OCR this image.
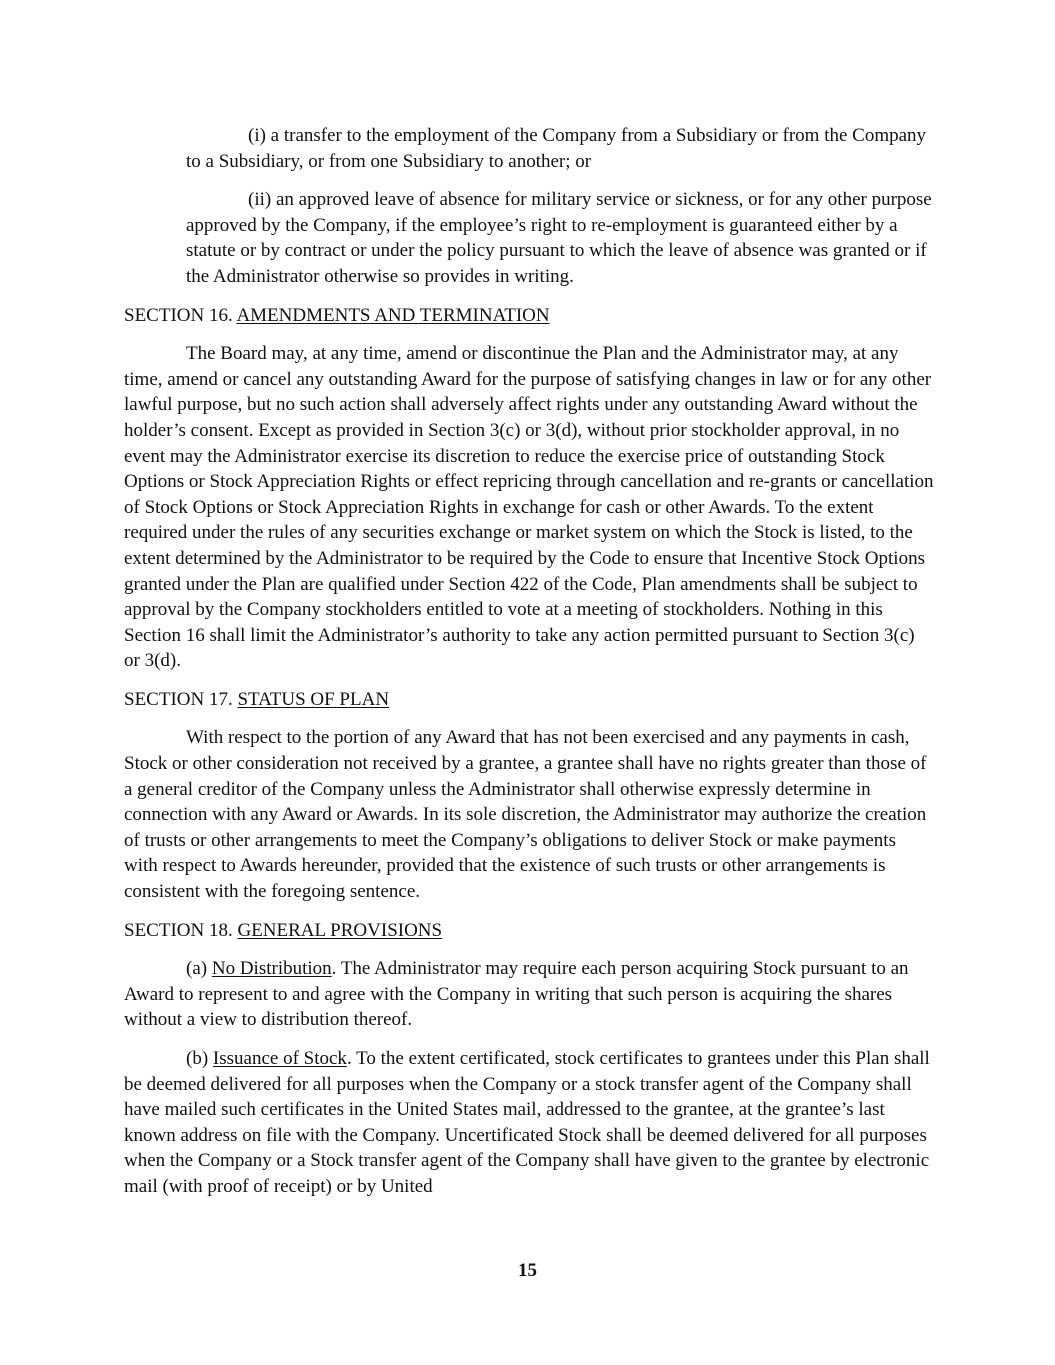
(i) a transfer to the employment of the Company from a Subsidiary or from the Company to a Subsidiary, or from one Subsidiary to another; or

(ii) an approved leave of absence for military service or sickness, or for any other purpose approved by the Company, if the employee’s right to re-employment is guaranteed either by a statute or by contract or under the policy pursuant to which the leave of absence was granted or if the Administrator otherwise so provides in writing.

SECTION 16. AMENDMENTS AND TERMINATION

The Board may, at any time, amend or discontinue the Plan and the Administrator may, at any time, amend or cancel any outstanding Award for the purpose of satisfying changes in law or for any other lawful purpose, but no such action shall adversely affect rights under any outstanding Award without the holder’s consent. Except as provided in Section 3(c) or 3(d), without prior stockholder approval, in no event may the Administrator exercise its discretion to reduce the exercise price of outstanding Stock Options or Stock Appreciation Rights or effect repricing through cancellation and re-grants or cancellation of Stock Options or Stock Appreciation Rights in exchange for cash or other Awards. To the extent required under the rules of any securities exchange or market system on which the Stock is listed, to the extent determined by the Administrator to be required by the Code to ensure that Incentive Stock Options granted under the Plan are qualified under Section 422 of the Code, Plan amendments shall be subject to approval by the Company stockholders entitled to vote at a meeting of stockholders. Nothing in this Section 16 shall limit the Administrator’s authority to take any action permitted pursuant to Section 3(c) or 3(d).

SECTION 17. STATUS OF PLAN

With respect to the portion of any Award that has not been exercised and any payments in cash, Stock or other consideration not received by a grantee, a grantee shall have no rights greater than those of a general creditor of the Company unless the Administrator shall otherwise expressly determine in connection with any Award or Awards. In its sole discretion, the Administrator may authorize the creation of trusts or other arrangements to meet the Company’s obligations to deliver Stock or make payments with respect to Awards hereunder, provided that the existence of such trusts or other arrangements is consistent with the foregoing sentence.

SECTION 18. GENERAL PROVISIONS

(a) No Distribution. The Administrator may require each person acquiring Stock pursuant to an Award to represent to and agree with the Company in writing that such person is acquiring the shares without a view to distribution thereof.

(b) Issuance of Stock. To the extent certificated, stock certificates to grantees under this Plan shall be deemed delivered for all purposes when the Company or a stock transfer agent of the Company shall have mailed such certificates in the United States mail, addressed to the grantee, at the grantee’s last known address on file with the Company. Uncertificated Stock shall be deemed delivered for all purposes when the Company or a Stock transfer agent of the Company shall have given to the grantee by electronic mail (with proof of receipt) or by United

15
